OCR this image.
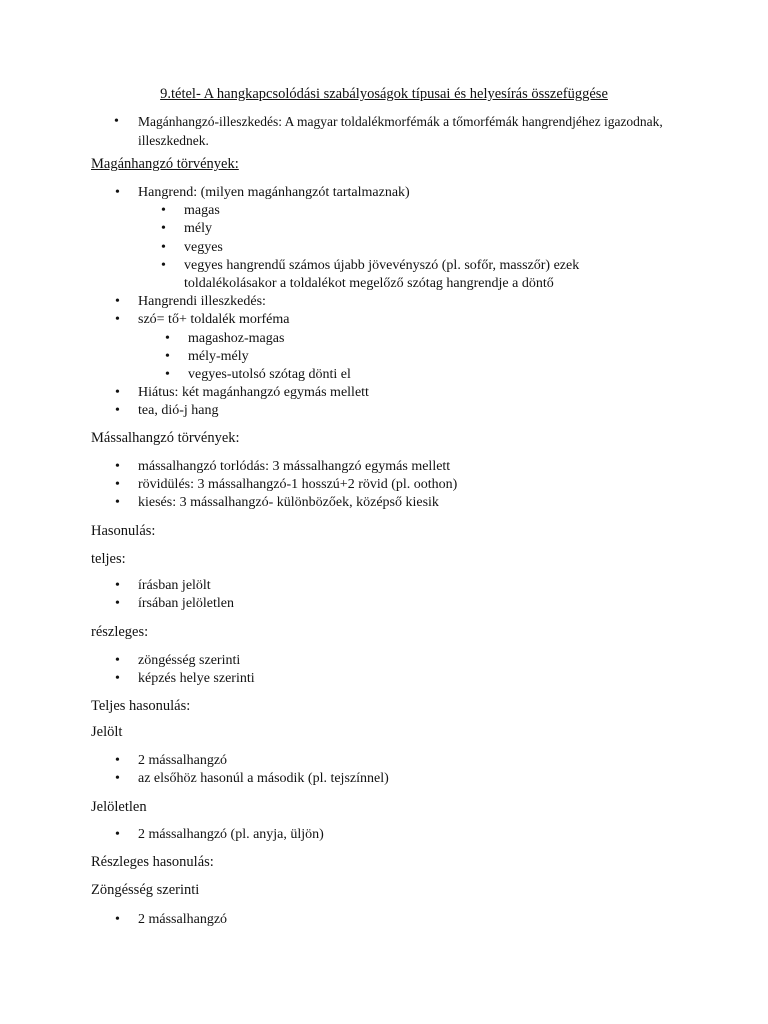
9.tétel- A hangkapcsolódási szabályoságok típusai és helyesírás összefüggése
• Magánhangzó-illeszkedés: A magyar toldalékmorfémák a tőmorfémák hangrendjéhez igazodnak, illeszkednek.
Magánhangzó törvények:
• Hangrend: (milyen magánhangzót tartalmaznak)
• magas
• mély
• vegyes
• vegyes hangrendű számos újabb jövevényszó (pl. sofőr, masszőr) ezek toldalékolásakor a toldalékot megelőző szótag hangrendje a döntő
• Hangrendi illeszkedés:
• szó= tő+ toldalék morféma
• magashoz-magas
• mély-mély
• vegyes-utolsó szótag dönti el
• Hiátus: két magánhangzó egymás mellett
• tea, dió-j hang
Mássalhangzó törvények:
• mássalhangzó torlódás: 3 mássalhangzó egymás mellett
• rövidülés: 3 mássalhangzó-1 hosszú+2 rövid (pl. oothon)
• kiesés: 3 mássalhangzó- különbözőek, középső kiesik
Hasonulás:
teljes:
• írásban jelölt
• írsában jelöletlen
részleges:
• zöngésség szerinti
• képzés helye szerinti
Teljes hasonulás:
Jelölt
• 2 mássalhangzó
• az elsőhöz hasonúl a második (pl. tejszínnel)
Jelöletlen
• 2 mássalhangzó (pl. anyja, üljön)
Részleges hasonulás:
Zöngésség szerinti
• 2 mássalhangzó
